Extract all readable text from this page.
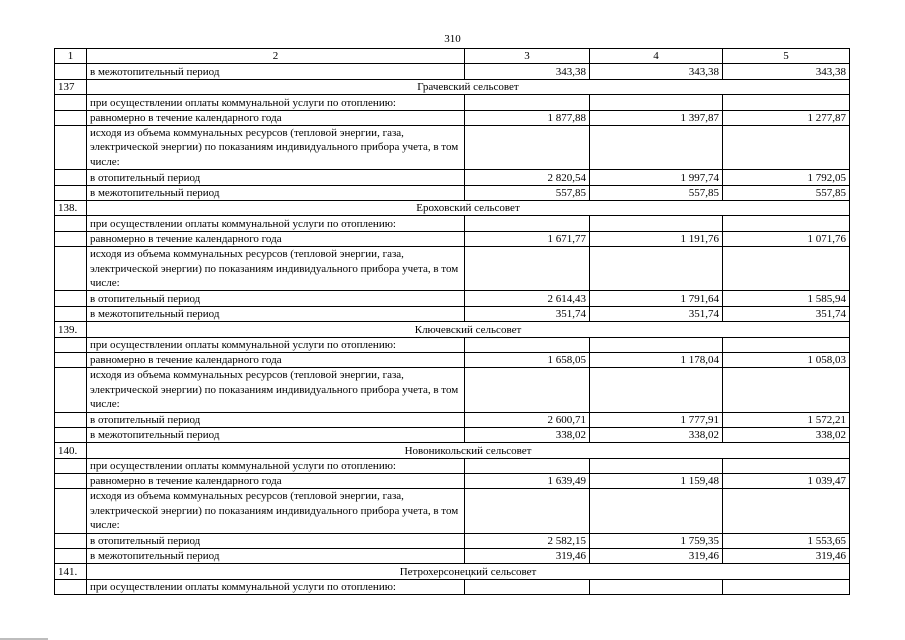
310
1	2	3	4	5
	в межотопительный период	343,38	343,38	343,38
137	Грачевский сельсовет			
	при осуществлении оплаты коммунальной услуги по отоплению:			
	равномерно в течение календарного года	1 877,88	1 397,87	1 277,87
	исходя из объема коммунальных ресурсов (тепловой энергии, газа, электрической энергии) по показаниям индивидуального прибора учета, в том числе:			
	в отопительный период	2 820,54	1 997,74	1 792,05
	в межотопительный период	557,85	557,85	557,85
138.	Ероховский сельсовет			
	при осуществлении оплаты коммунальной услуги по отоплению:			
	равномерно в течение календарного года	1 671,77	1 191,76	1 071,76
	исходя из объема коммунальных ресурсов (тепловой энергии, газа, электрической энергии) по показаниям индивидуального прибора учета, в том числе:			
	в отопительный период	2 614,43	1 791,64	1 585,94
	в межотопительный период	351,74	351,74	351,74
139.	Ключевский сельсовет			
	при осуществлении оплаты коммунальной услуги по отоплению:			
	равномерно в течение календарного года	1 658,05	1 178,04	1 058,03
	исходя из объема коммунальных ресурсов (тепловой энергии, газа, электрической энергии) по показаниям индивидуального прибора учета, в том числе:			
	в отопительный период	2 600,71	1 777,91	1 572,21
	в межотопительный период	338,02	338,02	338,02
140.	Новоникольский сельсовет			
	при осуществлении оплаты коммунальной услуги по отоплению:			
	равномерно в течение календарного года	1 639,49	1 159,48	1 039,47
	исходя из объема коммунальных ресурсов (тепловой энергии, газа, электрической энергии) по показаниям индивидуального прибора учета, в том числе:			
	в отопительный период	2 582,15	1 759,35	1 553,65
	в межотопительный период	319,46	319,46	319,46
141.	Петрохерсонецкий сельсовет			
	при осуществлении оплаты коммунальной услуги по отоплению:			
